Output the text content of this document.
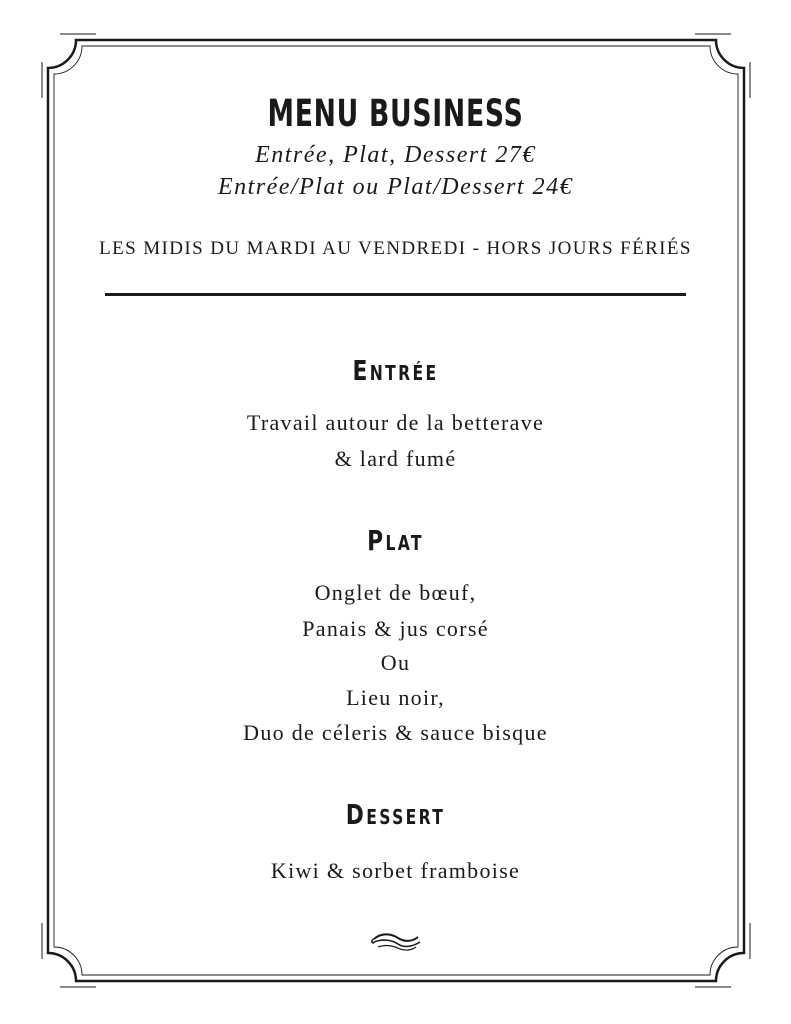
MENU BUSINESS
Entrée, Plat, Dessert 27€
Entrée/Plat ou Plat/Dessert 24€
LES MIDIS DU MARDI AU VENDREDI - HORS JOURS FÉRIÉS
Entrée
Travail autour de la betterave
& lard fumé
Plat
Onglet de bœuf,
Panais & jus corsé
Ou
Lieu noir,
Duo de céleris & sauce bisque
Dessert
Kiwi & sorbet framboise
